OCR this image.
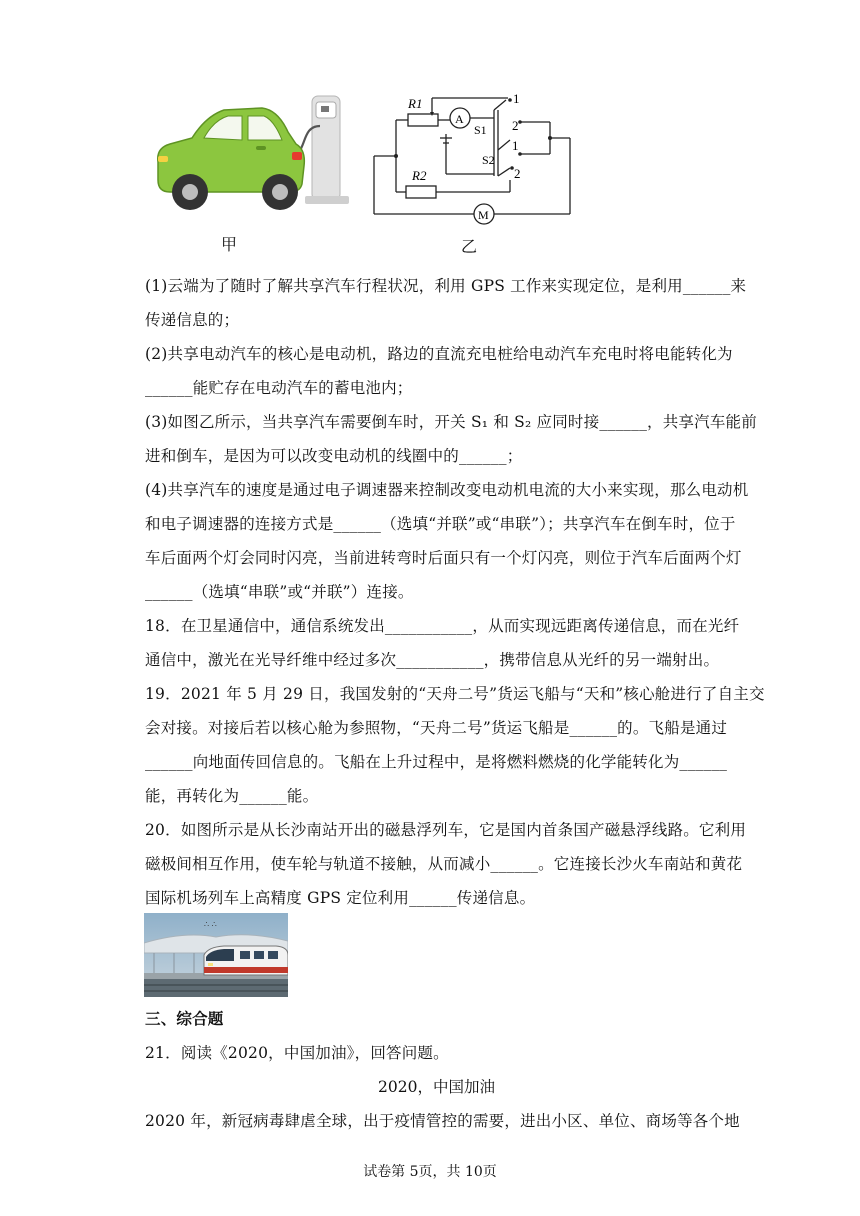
甲
R1
A
S1
S2
1
2
1
2
R2
M
乙
(1)云端为了随时了解共享汽车行程状况，利用 GPS 工作来实现定位，是利用______来
传递信息的；
(2)共享电动汽车的核心是电动机，路边的直流充电桩给电动汽车充电时将电能转化为
______能贮存在电动汽车的蓄电池内；
(3)如图乙所示，当共享汽车需要倒车时，开关 S₁ 和 S₂ 应同时接______，共享汽车能前
进和倒车，是因为可以改变电动机的线圈中的______；
(4)共享汽车的速度是通过电子调速器来控制改变电动机电流的大小来实现，那么电动机
和电子调速器的连接方式是______（选填“并联”或“串联”）；共享汽车在倒车时，位于
车后面两个灯会同时闪亮，当前进转弯时后面只有一个灯闪亮，则位于汽车后面两个灯
______（选填“串联”或“并联”）连接。
18．在卫星通信中，通信系统发出___________，从而实现远距离传递信息，而在光纤
通信中，激光在光导纤维中经过多次___________，携带信息从光纤的另一端射出。
19．2021 年 5 月 29 日，我国发射的“天舟二号”货运飞船与“天和”核心舱进行了自主交
会对接。对接后若以核心舱为参照物，“天舟二号”货运飞船是______的。飞船是通过
______向地面传回信息的。飞船在上升过程中，是将燃料燃烧的化学能转化为______
能，再转化为______能。
20．如图所示是从长沙南站开出的磁悬浮列车，它是国内首条国产磁悬浮线路。它利用
磁极间相互作用，使车轮与轨道不接触，从而减小______。它连接长沙火车南站和黄花
国际机场列车上高精度 GPS 定位利用______传递信息。
∴ ∴
三、综合题
21．阅读《2020，中国加油》，回答问题。
2020，中国加油
2020 年，新冠病毒肆虐全球，出于疫情管控的需要，进出小区、单位、商场等各个地
试卷第 5页，共 10页
